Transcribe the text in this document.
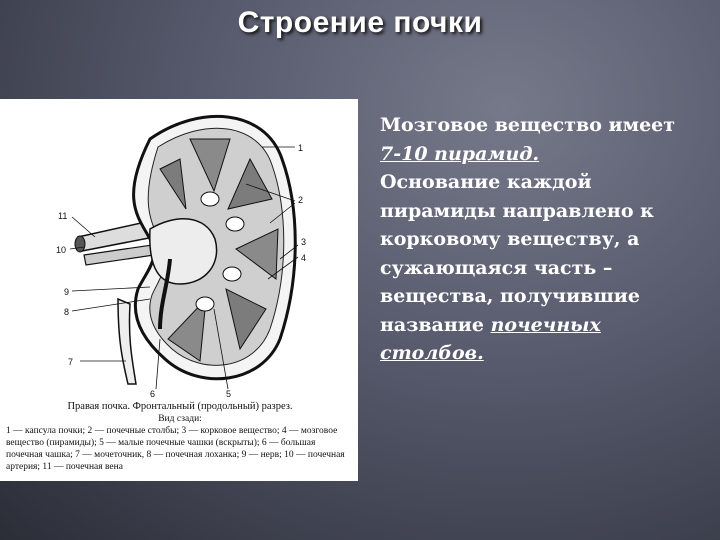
Строение почки
1
2
3
4
5
6
7
8
9
10
11
Правая почка. Фронтальный (продольный) разрез.
Вид сзади:
1 — капсула почки; 2 — почечные столбы; 3 — корковое вещество; 4 — мозговое вещество (пирамиды); 5 — малые почечные чашки (вскрыты); 6 — большая почечная чашка; 7 — мочеточник, 8 — почечная лоханка; 9 — нерв; 10 — почечная артерия; 11 — почечная вена
Мозговое вещество имеет
7-10 пирамид.
Основание каждой пирамиды направлено к корковому веществу, а сужающаяся часть –
вещества, получившие название почечных столбов.
